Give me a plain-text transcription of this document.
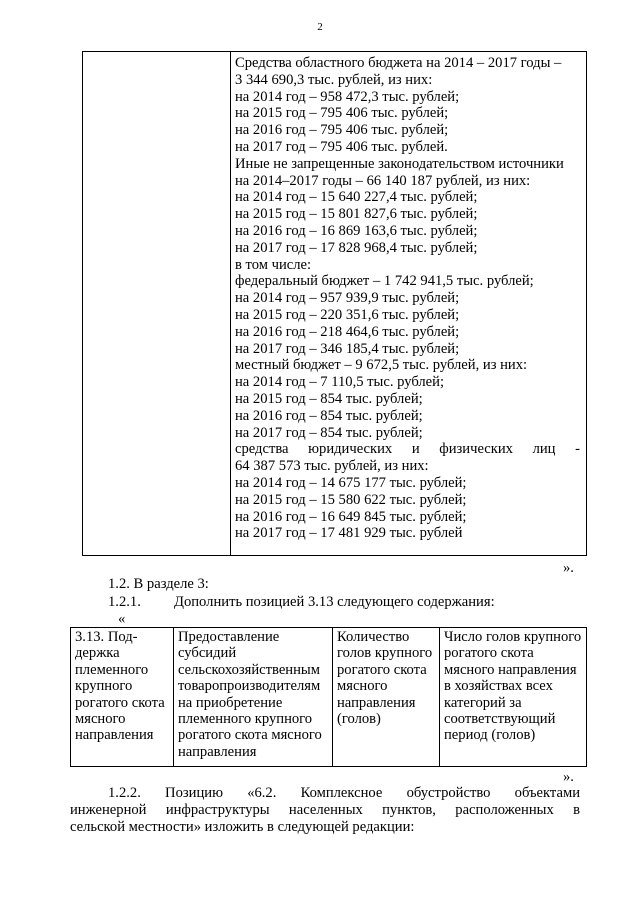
2
Средства областного бюджета на 2014 – 2017 годы –
3 344 690,3 тыс. рублей, из них:
на 2014 год – 958 472,3 тыс. рублей;
на 2015 год – 795 406 тыс. рублей;
на 2016 год – 795 406 тыс. рублей;
на 2017 год – 795 406 тыс. рублей.
Иные не запрещенные законодательством источники
на 2014–2017 годы – 66 140 187 рублей, из них:
на 2014 год – 15 640 227,4 тыс. рублей;
на 2015 год – 15 801 827,6 тыс. рублей;
на 2016 год – 16 869 163,6 тыс. рублей;
на 2017 год – 17 828 968,4 тыс. рублей;
в том числе:
федеральный бюджет – 1 742 941,5 тыс. рублей;
на 2014 год – 957 939,9 тыс. рублей;
на 2015 год – 220 351,6 тыс. рублей;
на 2016 год – 218 464,6 тыс. рублей;
на 2017 год – 346 185,4 тыс. рублей;
местный бюджет – 9 672,5 тыс. рублей, из них:
на 2014 год – 7 110,5 тыс. рублей;
на 2015 год – 854 тыс. рублей;
на 2016 год – 854 тыс. рублей;
на 2017 год – 854 тыс. рублей;
средства юридических и физических лиц -
64 387 573 тыс. рублей, из них:
на 2014 год – 14 675 177 тыс. рублей;
на 2015 год – 15 580 622 тыс. рублей;
на 2016 год – 16 649 845 тыс. рублей;
на 2017 год – 17 481 929 тыс. рублей
».
1.2. В разделе 3:
1.2.1. Дополнить позицией 3.13 следующего содержания:
«
3.13. Под-держка племенного крупного рогатого скота мясного направления	Предоставление субсидий сельскохозяйственным товаропроизводителям на приобретение племенного крупного рогатого скота мясного направления	Количество голов крупного рогатого скота мясного направления (голов)	Число голов крупного рогатого скота мясного направления в хозяйствах всех категорий за соответствующий период (голов)
».
1.2.2. Позицию «6.2. Комплексное обустройство объектами
инженерной инфраструктуры населенных пунктов, расположенных в
сельской местности» изложить в следующей редакции:
